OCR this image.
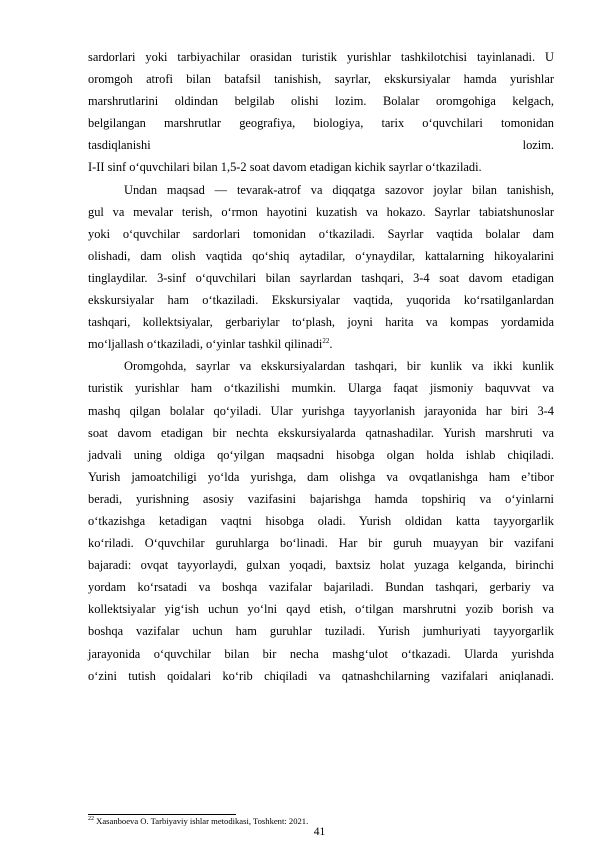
sardorlari yoki tarbiyachilar orasidan turistik yurishlar tashkilotchisi tayinlanadi. U
oromgoh atrofi bilan batafsil tanishish, sayrlar, ekskursiyalar hamda yurishlar
marshrutlarini oldindan belgilab olishi lozim. Bolalar oromgohiga kelgach,
belgilangan marshrutlar geografiya, biologiya, tarix o‘quvchilari tomonidan
tasdiqlanishi	lozim.
I-II sinf o‘quvchilari bilan 1,5-2 soat davom etadigan kichik sayrlar o‘tkaziladi.
Undan maqsad — tevarak-atrof va diqqatga sazovor joylar bilan tanishish,
gul va mevalar terish, o‘rmon hayotini kuzatish va hokazo. Sayrlar tabiatshunoslar
yoki o‘quvchilar sardorlari tomonidan o‘tkaziladi. Sayrlar vaqtida bolalar dam
olishadi, dam olish vaqtida qo‘shiq aytadilar, o‘ynaydilar, kattalarning hikoyalarini
tinglaydilar. 3-sinf o‘quvchilari bilan sayrlardan tashqari, 3-4 soat davom etadigan
ekskursiyalar ham o‘tkaziladi. Ekskursiyalar vaqtida, yuqorida ko‘rsatilganlardan
tashqari, kollektsiyalar, gerbariylar to‘plash, joyni harita va kompas yordamida
mo‘ljallash o‘tkaziladi, o‘yinlar tashkil qilinadi$^{22}$.
Oromgohda, sayrlar va ekskursiyalardan tashqari, bir kunlik va ikki kunlik
turistik yurishlar ham o‘tkazilishi mumkin. Ularga faqat jismoniy baquvvat va
mashq qilgan bolalar qo‘yiladi. Ular yurishga tayyorlanish jarayonida har biri 3-4
soat davom etadigan bir nechta ekskursiyalarda qatnashadilar. Yurish marshruti va
jadvali uning oldiga qo‘yilgan maqsadni hisobga olgan holda ishlab chiqiladi.
Yurish jamoatchiligi yo‘lda yurishga, dam olishga va ovqatlanishga ham e’tibor
beradi, yurishning asosiy vazifasini bajarishga hamda topshiriq va o‘yinlarni
o‘tkazishga ketadigan vaqtni hisobga oladi. Yurish oldidan katta tayyorgarlik
ko‘riladi. O‘quvchilar guruhlarga bo‘linadi. Har bir guruh muayyan bir vazifani
bajaradi: ovqat tayyorlaydi, gulxan yoqadi, baxtsiz holat yuzaga kelganda, birinchi
yordam ko‘rsatadi va boshqa vazifalar bajariladi. Bundan tashqari, gerbariy va
kollektsiyalar yig‘ish uchun yo‘lni qayd etish, o‘tilgan marshrutni yozib borish va
boshqa vazifalar uchun ham guruhlar tuziladi. Yurish jumhuriyati tayyorgarlik
jarayonida o‘quvchilar bilan bir necha mashg‘ulot o‘tkazadi. Ularda yurishda
o‘zini tutish qoidalari ko‘rib chiqiladi va qatnashchilarning vazifalari aniqlanadi.
$^{22}$ Xasanboeva O. Tarbiyaviy ishlar metodikasi, Toshkent: 2021.
41
